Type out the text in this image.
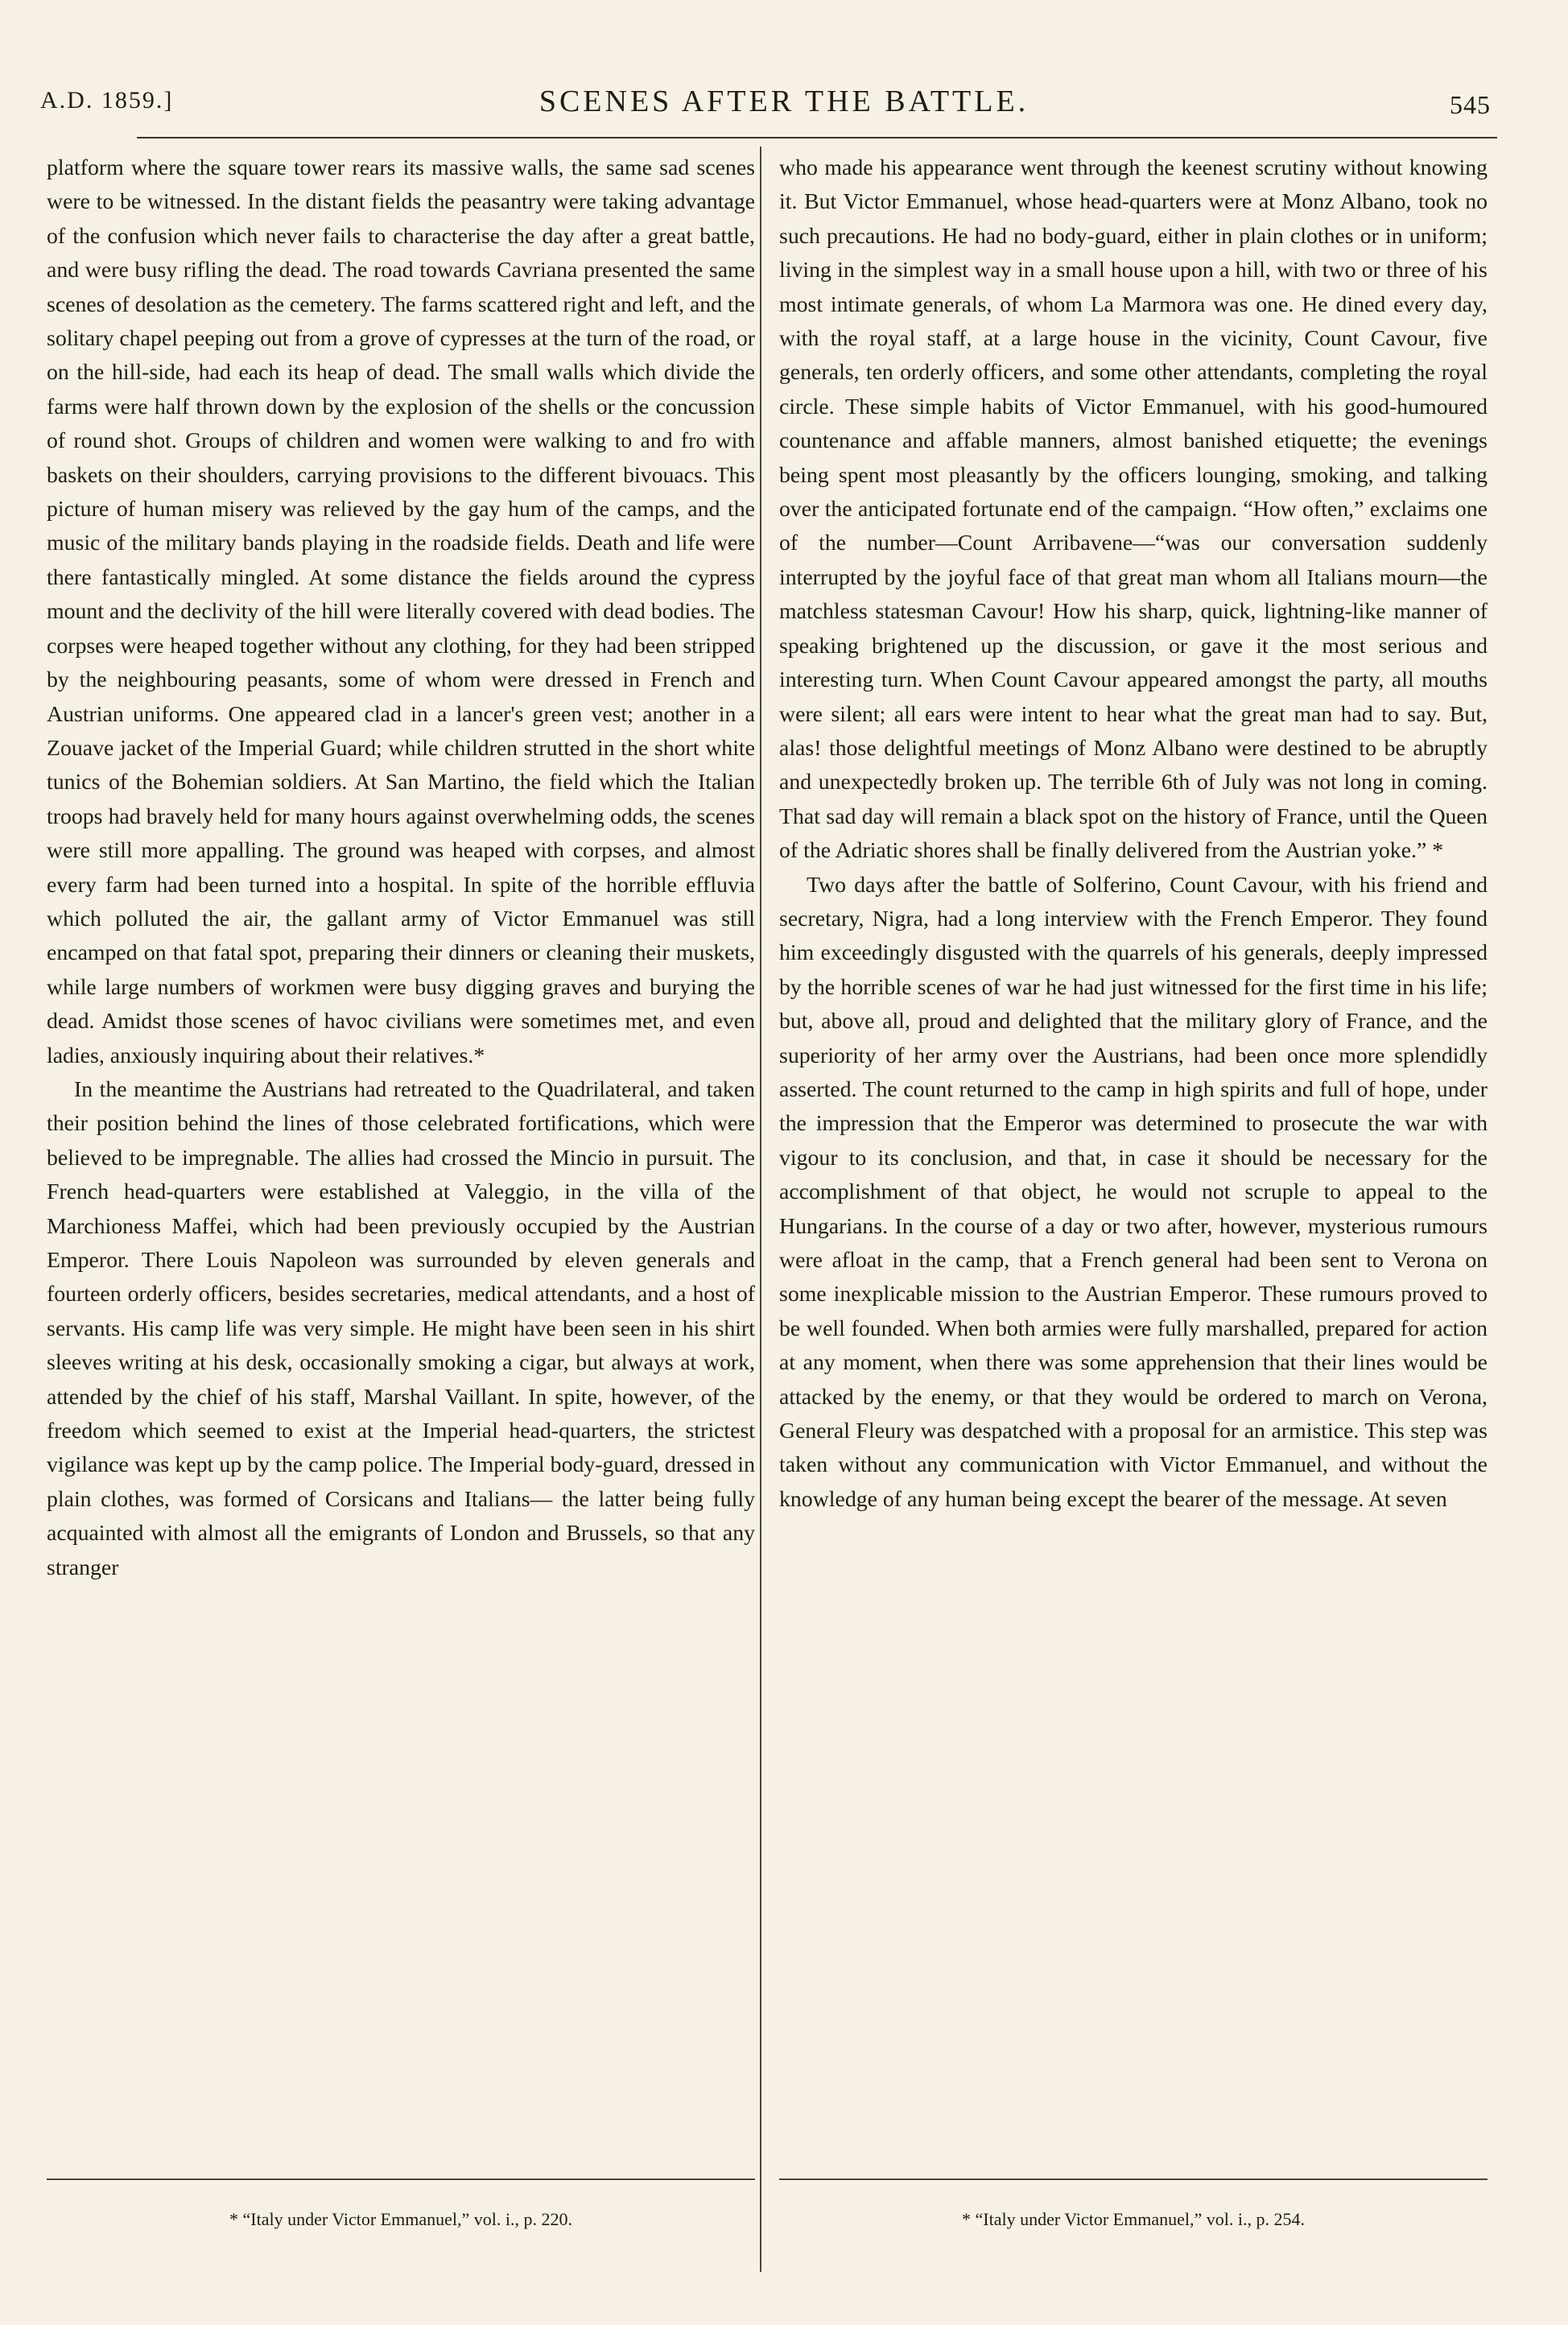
A.D. 1859.]	SCENES AFTER THE BATTLE.	545

platform where the square tower rears its massive walls, the same sad scenes were to be witnessed. In the distant fields the peasantry were taking advantage of the confusion which never fails to characterise the day after a great battle, and were busy rifling the dead. The road towards Cavriana presented the same scenes of desolation as the cemetery. The farms scattered right and left, and the solitary chapel peeping out from a grove of cypresses at the turn of the road, or on the hill-side, had each its heap of dead. The small walls which divide the farms were half thrown down by the explosion of the shells or the concussion of round shot. Groups of children and women were walking to and fro with baskets on their shoulders, carrying provisions to the different bivouacs. This picture of human misery was relieved by the gay hum of the camps, and the music of the military bands playing in the roadside fields. Death and life were there fantastically mingled. At some distance the fields around the cypress mount and the declivity of the hill were literally covered with dead bodies. The corpses were heaped together without any clothing, for they had been stripped by the neighbouring peasants, some of whom were dressed in French and Austrian uniforms. One appeared clad in a lancer's green vest; another in a Zouave jacket of the Imperial Guard; while children strutted in the short white tunics of the Bohemian soldiers. At San Martino, the field which the Italian troops had bravely held for many hours against overwhelming odds, the scenes were still more appalling. The ground was heaped with corpses, and almost every farm had been turned into a hospital. In spite of the horrible effluvia which polluted the air, the gallant army of Victor Emmanuel was still encamped on that fatal spot, preparing their dinners or cleaning their muskets, while large numbers of workmen were busy digging graves and burying the dead. Amidst those scenes of havoc civilians were sometimes met, and even ladies, anxiously inquiring about their relatives.*

In the meantime the Austrians had retreated to the Quadrilateral, and taken their position behind the lines of those celebrated fortifications, which were believed to be impregnable. The allies had crossed the Mincio in pursuit. The French head-quarters were established at Valeggio, in the villa of the Marchioness Maffei, which had been previously occupied by the Austrian Emperor. There Louis Napoleon was surrounded by eleven generals and fourteen orderly officers, besides secretaries, medical attendants, and a host of servants. His camp life was very simple. He might have been seen in his shirt sleeves writing at his desk, occasionally smoking a cigar, but always at work, attended by the chief of his staff, Marshal Vaillant. In spite, however, of the freedom which seemed to exist at the Imperial head-quarters, the strictest vigilance was kept up by the camp police. The Imperial body-guard, dressed in plain clothes, was formed of Corsicans and Italians— the latter being fully acquainted with almost all the emigrants of London and Brussels, so that any stranger

who made his appearance went through the keenest scrutiny without knowing it. But Victor Emmanuel, whose head-quarters were at Monz Albano, took no such precautions. He had no body-guard, either in plain clothes or in uniform; living in the simplest way in a small house upon a hill, with two or three of his most intimate generals, of whom La Marmora was one. He dined every day, with the royal staff, at a large house in the vicinity, Count Cavour, five generals, ten orderly officers, and some other attendants, completing the royal circle. These simple habits of Victor Emmanuel, with his good-humoured countenance and affable manners, almost banished etiquette; the evenings being spent most pleasantly by the officers lounging, smoking, and talking over the anticipated fortunate end of the campaign. “How often,” exclaims one of the number—Count Arribavene—“was our conversation suddenly interrupted by the joyful face of that great man whom all Italians mourn—the matchless statesman Cavour! How his sharp, quick, lightning-like manner of speaking brightened up the discussion, or gave it the most serious and interesting turn. When Count Cavour appeared amongst the party, all mouths were silent; all ears were intent to hear what the great man had to say. But, alas! those delightful meetings of Monz Albano were destined to be abruptly and unexpectedly broken up. The terrible 6th of July was not long in coming. That sad day will remain a black spot on the history of France, until the Queen of the Adriatic shores shall be finally delivered from the Austrian yoke.” *

Two days after the battle of Solferino, Count Cavour, with his friend and secretary, Nigra, had a long interview with the French Emperor. They found him exceedingly disgusted with the quarrels of his generals, deeply impressed by the horrible scenes of war he had just witnessed for the first time in his life; but, above all, proud and delighted that the military glory of France, and the superiority of her army over the Austrians, had been once more splendidly asserted. The count returned to the camp in high spirits and full of hope, under the impression that the Emperor was determined to prosecute the war with vigour to its conclusion, and that, in case it should be necessary for the accomplishment of that object, he would not scruple to appeal to the Hungarians. In the course of a day or two after, however, mysterious rumours were afloat in the camp, that a French general had been sent to Verona on some inexplicable mission to the Austrian Emperor. These rumours proved to be well founded. When both armies were fully marshalled, prepared for action at any moment, when there was some apprehension that their lines would be attacked by the enemy, or that they would be ordered to march on Verona, General Fleury was despatched with a proposal for an armistice. This step was taken without any communication with Victor Emmanuel, and without the knowledge of any human being except the bearer of the message. At seven

* “Italy under Victor Emmanuel,” vol. i., p. 220.	* “Italy under Victor Emmanuel,” vol. i., p. 254.
